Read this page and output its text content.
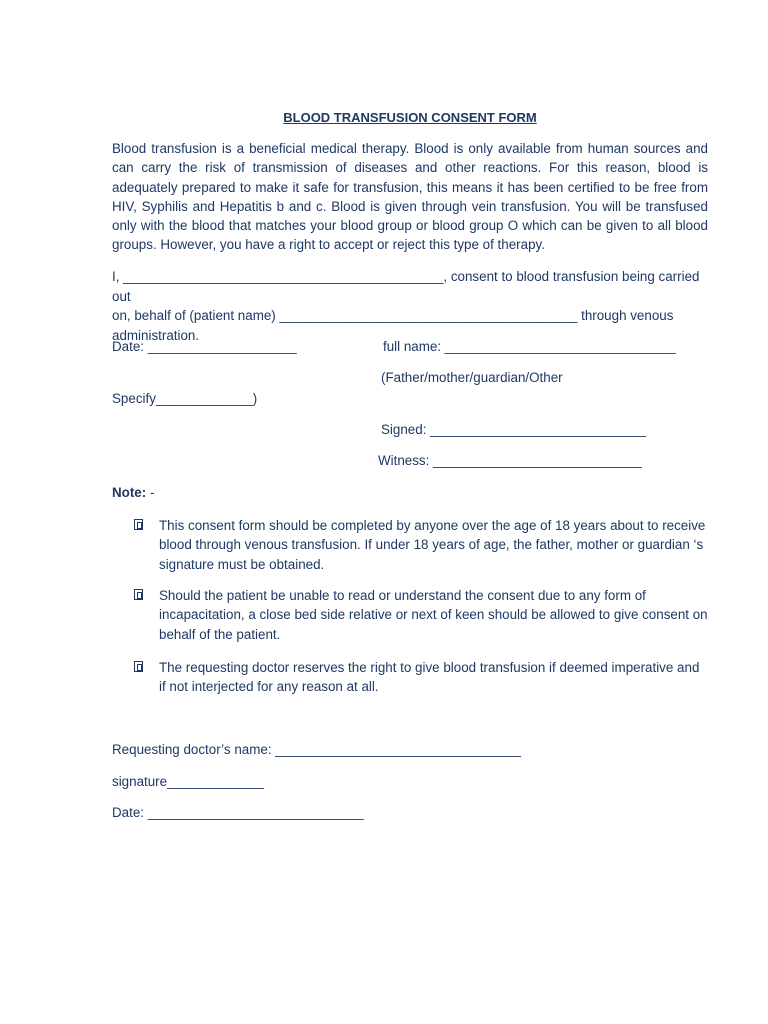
BLOOD TRANSFUSION CONSENT FORM
Blood transfusion is a beneficial medical therapy. Blood is only available from human sources and can carry the risk of transmission of diseases and other reactions. For this reason, blood is adequately prepared to make it safe for transfusion, this means it has been certified to be free from HIV, Syphilis and Hepatitis b and c. Blood is given through vein transfusion. You will be transfused only with the blood that matches your blood group or blood group O which can be given to all blood groups. However, you have a right to accept or reject this type of therapy.
I, ___________________________________________, consent to blood transfusion being carried out
on, behalf of (patient name) ________________________________________ through venous
administration.
Date: ____________________	full name: _______________________________
(Father/mother/guardian/Other
Specify_____________)
Signed: _____________________________
Witness: ____________________________
Note: -
This consent form should be completed by anyone over the age of 18 years about to receive blood through venous transfusion. If under 18 years of age, the father, mother or guardian ‘s signature must be obtained.
Should the patient be unable to read or understand the consent due to any form of incapacitation, a close bed side relative or next of keen should be allowed to give consent on behalf of the patient.
The requesting doctor reserves the right to give blood transfusion if deemed imperative and if not interjected for any reason at all.
Requesting doctor’s name: _________________________________
signature_____________
Date: _____________________________
